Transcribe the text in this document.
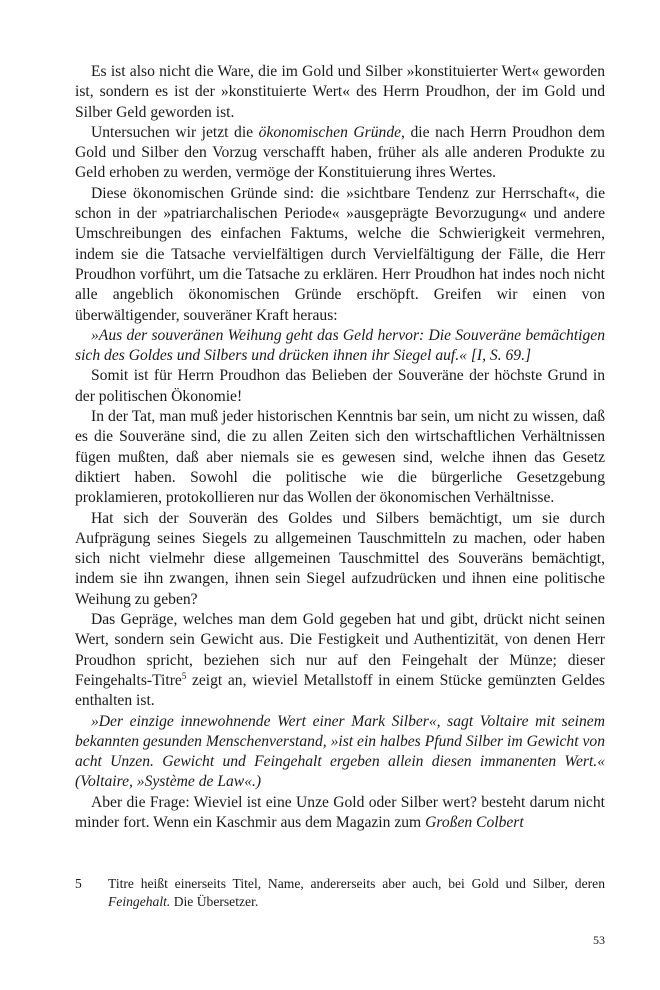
Es ist also nicht die Ware, die im Gold und Silber »konstituierter Wert« geworden ist, sondern es ist der »konstituierte Wert« des Herrn Proudhon, der im Gold und Silber Geld geworden ist.

Untersuchen wir jetzt die ökonomischen Gründe, die nach Herrn Proudhon dem Gold und Silber den Vorzug verschafft haben, früher als alle anderen Produkte zu Geld erhoben zu werden, vermöge der Konstituierung ihres Wertes.

Diese ökonomischen Gründe sind: die »sichtbare Tendenz zur Herrschaft«, die schon in der »patriarchalischen Periode« »ausgeprägte Bevorzugung« und andere Umschreibungen des einfachen Faktums, welche die Schwierigkeit vermehren, indem sie die Tatsache vervielfältigen durch Vervielfältigung der Fälle, die Herr Proudhon vorführt, um die Tatsache zu erklären. Herr Proudhon hat indes noch nicht alle angeblich ökonomischen Gründe erschöpft. Greifen wir einen von überwältigender, souveräner Kraft heraus:

»Aus der souveränen Weihung geht das Geld hervor: Die Souveräne bemächtigen sich des Goldes und Silbers und drücken ihnen ihr Siegel auf.« [I, S. 69.]

Somit ist für Herrn Proudhon das Belieben der Souveräne der höchste Grund in der politischen Ökonomie!

In der Tat, man muß jeder historischen Kenntnis bar sein, um nicht zu wissen, daß es die Souveräne sind, die zu allen Zeiten sich den wirtschaftlichen Verhältnissen fügen mußten, daß aber niemals sie es gewesen sind, welche ihnen das Gesetz diktiert haben. Sowohl die politische wie die bürgerliche Gesetzgebung proklamieren, protokollieren nur das Wollen der ökonomischen Verhältnisse.

Hat sich der Souverän des Goldes und Silbers bemächtigt, um sie durch Aufprägung seines Siegels zu allgemeinen Tauschmitteln zu machen, oder haben sich nicht vielmehr diese allgemeinen Tauschmittel des Souveräns bemächtigt, indem sie ihn zwangen, ihnen sein Siegel aufzudrücken und ihnen eine politische Weihung zu geben?

Das Gepräge, welches man dem Gold gegeben hat und gibt, drückt nicht seinen Wert, sondern sein Gewicht aus. Die Festigkeit und Authentizität, von denen Herr Proudhon spricht, beziehen sich nur auf den Feingehalt der Münze; dieser Feingehalts-Titre$^5$ zeigt an, wieviel Metallstoff in einem Stücke gemünzten Geldes enthalten ist.

»Der einzige innewohnende Wert einer Mark Silber«, sagt Voltaire mit seinem bekannten gesunden Menschenverstand, »ist ein halbes Pfund Silber im Gewicht von acht Unzen. Gewicht und Feingehalt ergeben allein diesen immanenten Wert.« (Voltaire, »Système de Law«.)

Aber die Frage: Wieviel ist eine Unze Gold oder Silber wert? besteht darum nicht minder fort. Wenn ein Kaschmir aus dem Magazin zum Großen Colbert

5 Titre heißt einerseits Titel, Name, andererseits aber auch, bei Gold und Silber, deren Feingehalt. Die Übersetzer.
53
